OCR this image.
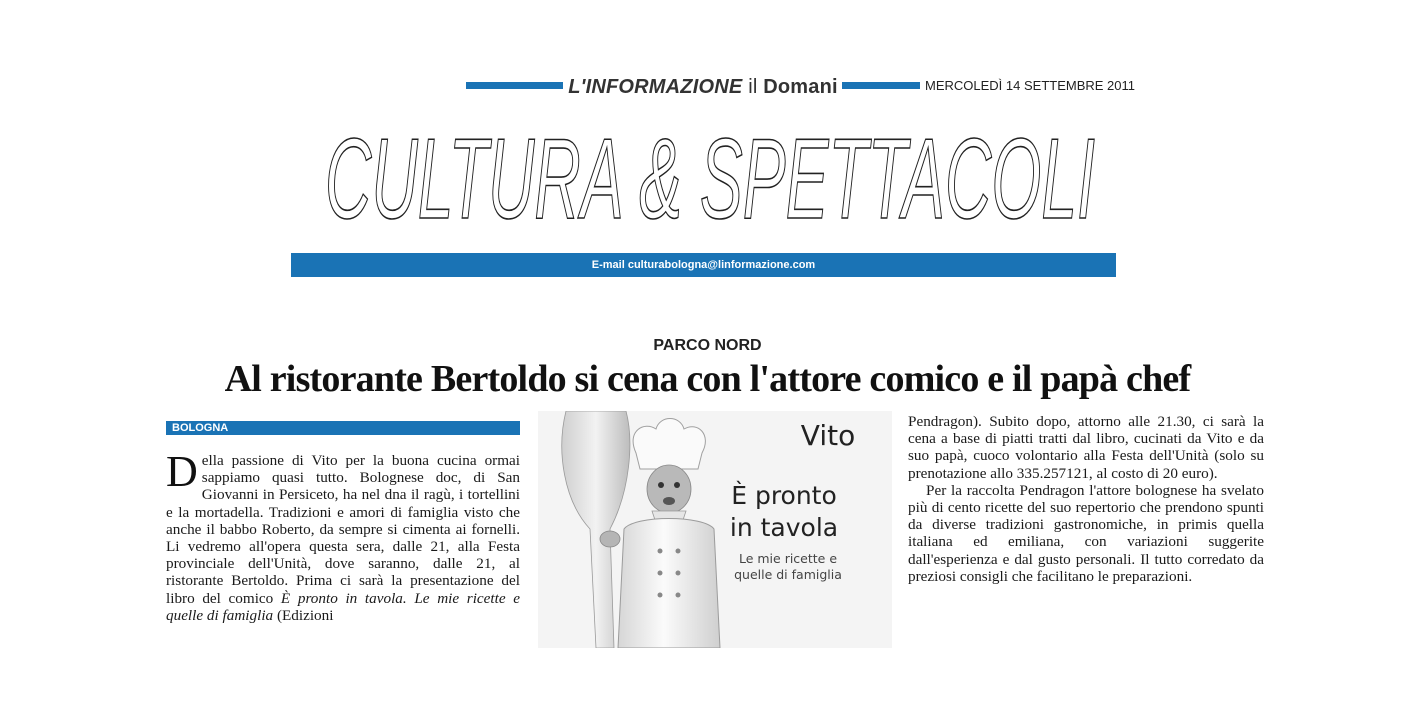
L'INFORMAZIONE il Domani	MERCOLEDÌ 14 SETTEMBRE 2011
CULTURA & SPETTACOLI
E-mail culturabologna@linformazione.com
PARCO NORD
Al ristorante Bertoldo si cena con l'attore comico e il papà chef
BOLOGNA

Della passione di Vito per la buona cucina ormai sappiamo quasi tutto. Bolognese doc, di San Giovanni in Persiceto, ha nel dna il ragù, i tortellini e la mortadella. Tradizioni e amori di famiglia visto che anche il babbo Roberto, da sempre si cimenta ai fornelli. Li vedremo all'opera questa sera, dalle 21, alla Festa provinciale dell'Unità, dove saranno, dalle 21, al ristorante Bertoldo. Prima ci sarà la presentazione del libro del comico È pronto in tavola. Le mie ricette e quelle di famiglia (Edizioni

Vito
È pronto
in tavola
Le mie ricette e
quelle di famiglia

Pendragon). Subito dopo, attorno alle 21.30, ci sarà la cena a base di piatti tratti dal libro, cucinati da Vito e da suo papà, cuoco volontario alla Festa dell'Unità (solo su prenotazione allo 335.257121, al costo di 20 euro).

Per la raccolta Pendragon l'attore bolognese ha svelato più di cento ricette del suo repertorio che prendono spunti da diverse tradizioni gastronomiche, in primis quella italiana ed emiliana, con variazioni suggerite dall'esperienza e dal gusto personali. Il tutto corredato da preziosi consigli che facilitano le preparazioni.
